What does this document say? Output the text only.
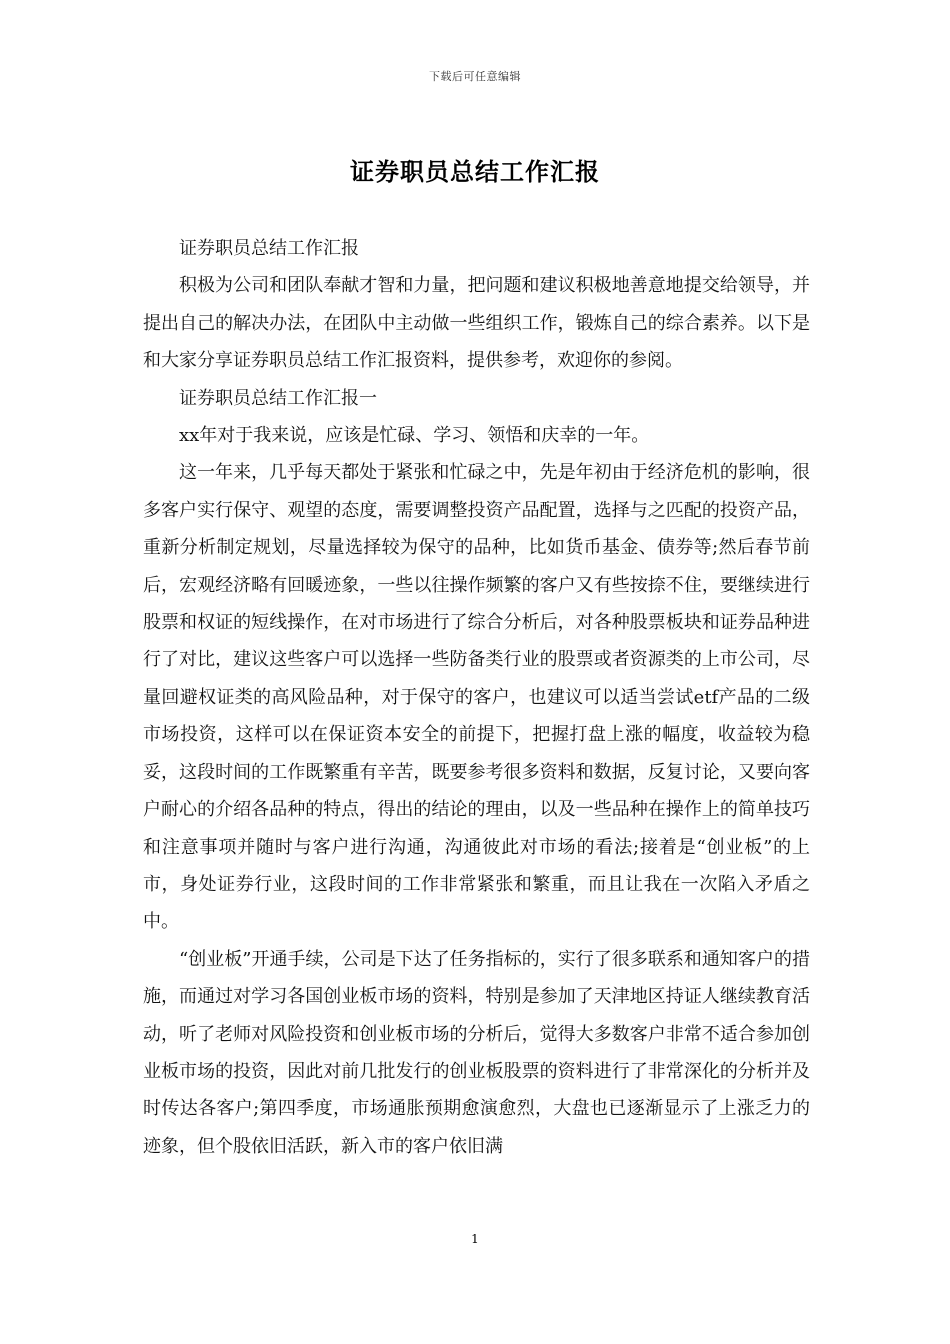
下载后可任意编辑
证券职员总结工作汇报

证券职员总结工作汇报

积极为公司和团队奉献才智和力量，把问题和建议积极地善意地提交给领导，并提出自己的解决办法，在团队中主动做一些组织工作，锻炼自己的综合素养。以下是和大家分享证券职员总结工作汇报资料，提供参考，欢迎你的参阅。

证券职员总结工作汇报一

xx年对于我来说，应该是忙碌、学习、领悟和庆幸的一年。

这一年来，几乎每天都处于紧张和忙碌之中，先是年初由于经济危机的影响，很多客户实行保守、观望的态度，需要调整投资产品配置，选择与之匹配的投资产品，重新分析制定规划，尽量选择较为保守的品种，比如货币基金、债券等;然后春节前后，宏观经济略有回暖迹象，一些以往操作频繁的客户又有些按捺不住，要继续进行股票和权证的短线操作，在对市场进行了综合分析后，对各种股票板块和证券品种进行了对比，建议这些客户可以选择一些防备类行业的股票或者资源类的上市公司，尽量回避权证类的高风险品种，对于保守的客户，也建议可以适当尝试etf产品的二级市场投资，这样可以在保证资本安全的前提下，把握打盘上涨的幅度，收益较为稳妥，这段时间的工作既繁重有辛苦，既要参考很多资料和数据，反复讨论，又要向客户耐心的介绍各品种的特点，得出的结论的理由，以及一些品种在操作上的简单技巧和注意事项并随时与客户进行沟通，沟通彼此对市场的看法;接着是“创业板”的上市，身处证券行业，这段时间的工作非常紧张和繁重，而且让我在一次陷入矛盾之中。

“创业板”开通手续，公司是下达了任务指标的，实行了很多联系和通知客户的措施，而通过对学习各国创业板市场的资料，特别是参加了天津地区持证人继续教育活动，听了老师对风险投资和创业板市场的分析后，觉得大多数客户非常不适合参加创业板市场的投资，因此对前几批发行的创业板股票的资料进行了非常深化的分析并及时传达各客户;第四季度，市场通胀预期愈演愈烈，大盘也已逐渐显示了上涨乏力的迹象，但个股依旧活跃，新入市的客户依旧满

1
